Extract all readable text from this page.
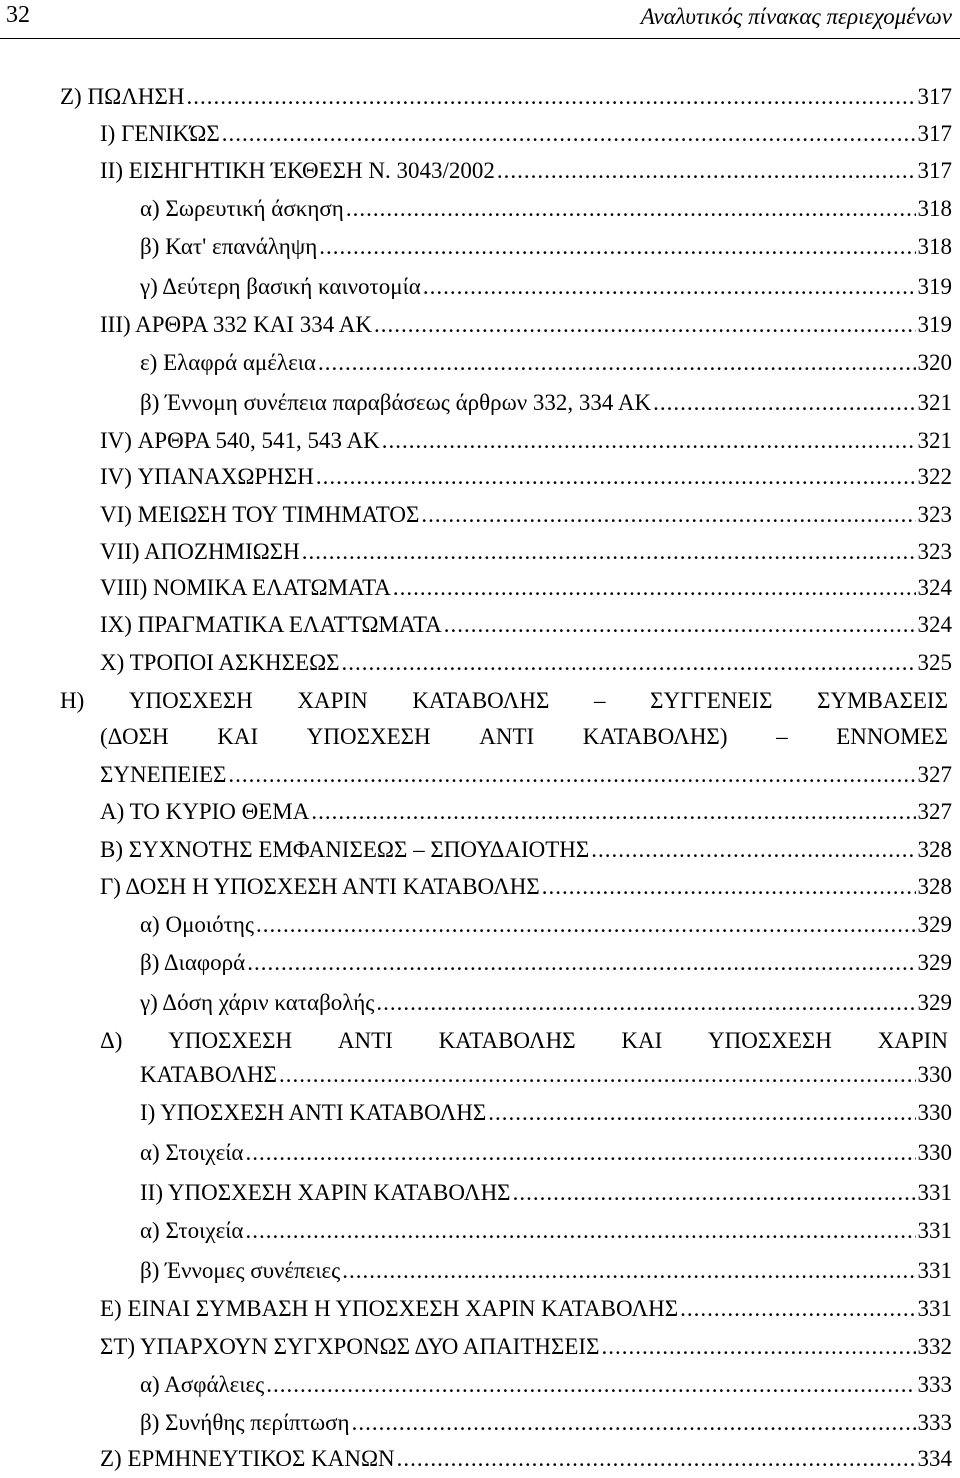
32	Αναλυτικός πίνακας περιεχομένων
Ζ) ΠΩΛΗΣΗ .....	317
Ι) ΓΕΝΙΚΏΣ .....	317
ΙΙ) ΕΙΣΗΓΗΤΙΚΗ ΈΚΘΕΣΗ Ν. 3043/2002 .....	317
α) Σωρευτική άσκηση .....	318
β) Κατ' επανάληψη .....	318
γ) Δεύτερη βασική καινοτομία .....	319
ΙΙΙ) ΑΡΘΡΑ 332 ΚΑΙ 334 ΑΚ .....	319
ε) Ελαφρά αμέλεια .....	320
β) Έννομη συνέπεια παραβάσεως άρθρων 332, 334 ΑΚ .....	321
ΙV) ΑΡΘΡΑ 540, 541, 543 ΑΚ .....	321
ΙV) ΥΠΑΝΑΧΩΡΗΣΗ .....	322
VΙ) ΜΕΙΩΣΗ ΤΟΥ ΤΙΜΗΜΑΤΟΣ .....	323
VΙΙ) ΑΠΟΖΗΜΙΩΣΗ .....	323
VΙΙΙ) ΝΟΜΙΚΑ ΕΛΑΤΩΜΑΤΑ .....	324
ΙΧ) ΠΡΑΓΜΑΤΙΚΑ ΕΛΑΤΤΩΜΑΤΑ .....	324
Χ) ΤΡΟΠΟΙ ΑΣΚΗΣΕΩΣ .....	325
Η) ΥΠΟΣΧΕΣΗ ΧΑΡΙΝ ΚΑΤΑΒΟΛΗΣ – ΣΥΓΓΕΝΕΙΣ ΣΥΜΒΑΣΕΙΣ
(ΔΟΣΗ ΚΑΙ ΥΠΟΣΧΕΣΗ ΑΝΤΙ ΚΑΤΑΒΟΛΗΣ) – ΕΝΝΟΜΕΣ
ΣΥΝΕΠΕΙΕΣ .....	327
Α) ΤΟ ΚΥΡΙΟ ΘΕΜΑ .....	327
Β) ΣΥΧΝΟΤΗΣ ΕΜΦΑΝΙΣΕΩΣ – ΣΠΟΥΔΑΙΟΤΗΣ .....	328
Γ) ΔΟΣΗ Η ΥΠΟΣΧΕΣΗ ΑΝΤΙ ΚΑΤΑΒΟΛΗΣ .....	328
α) Ομοιότης .....	329
β) Διαφορά .....	329
γ) Δόση χάριν καταβολής .....	329
Δ) ΥΠΟΣΧΕΣΗ ΑΝΤΙ ΚΑΤΑΒΟΛΗΣ ΚΑΙ ΥΠΟΣΧΕΣΗ ΧΑΡΙΝ
ΚΑΤΑΒΟΛΗΣ .....	330
Ι) ΥΠΟΣΧΕΣΗ ΑΝΤΙ ΚΑΤΑΒΟΛΗΣ .....	330
α) Στοιχεία .....	330
ΙΙ) ΥΠΟΣΧΕΣΗ ΧΑΡΙΝ ΚΑΤΑΒΟΛΗΣ .....	331
α) Στοιχεία .....	331
β) Έννομες συνέπειες .....	331
Ε) ΕΙΝΑΙ ΣΥΜΒΑΣΗ Η ΥΠΟΣΧΕΣΗ ΧΑΡΙΝ ΚΑΤΑΒΟΛΗΣ .....	331
ΣΤ) ΥΠΑΡΧΟΥΝ ΣΥΓΧΡΟΝΩΣ ΔΥΟ ΑΠΑΙΤΗΣΕΙΣ .....	332
α) Ασφάλειες .....	333
β) Συνήθης περίπτωση .....	333
Ζ) ΕΡΜΗΝΕΥΤΙΚΟΣ ΚΑΝΩΝ .....	334
